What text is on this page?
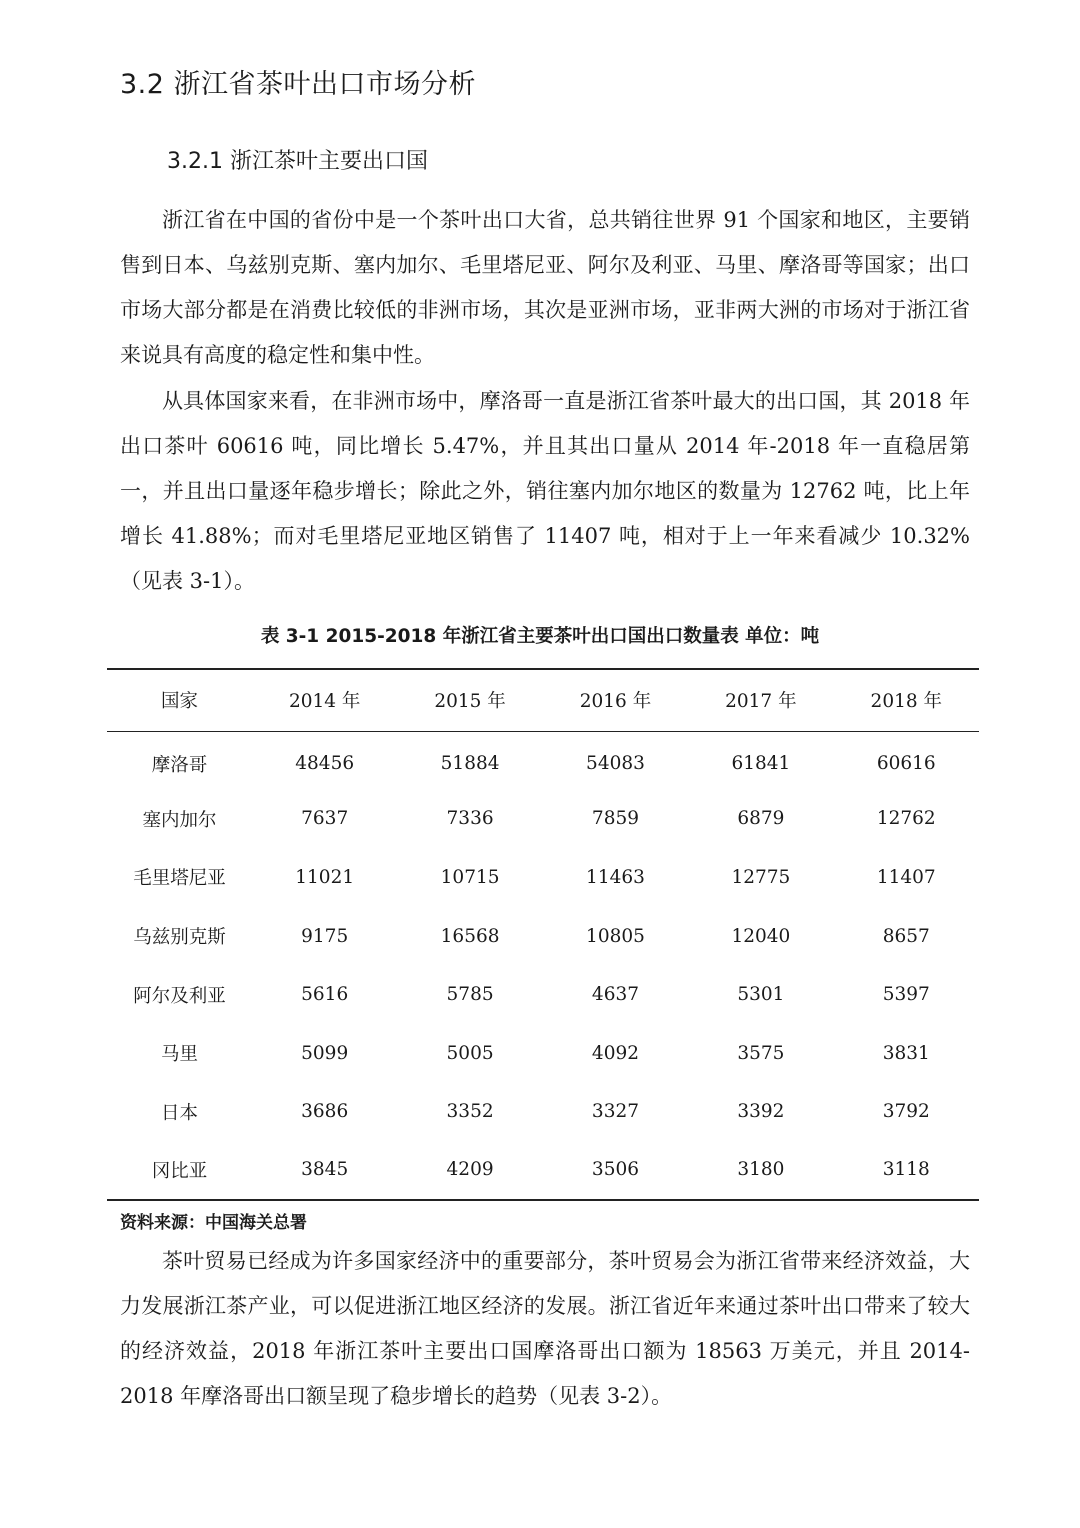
3.2 浙江省茶叶出口市场分析
3.2.1 浙江茶叶主要出口国

浙江省在中国的省份中是一个茶叶出口大省，总共销往世界 91 个国家和地区，主要销售到日本、乌兹别克斯、塞内加尔、毛里塔尼亚、阿尔及利亚、马里、摩洛哥等国家；出口市场大部分都是在消费比较低的非洲市场，其次是亚洲市场，亚非两大洲的市场对于浙江省来说具有高度的稳定性和集中性。

从具体国家来看，在非洲市场中，摩洛哥一直是浙江省茶叶最大的出口国，其 2018 年出口茶叶 60616 吨，同比增长 5.47%，并且其出口量从 2014 年-2018 年一直稳居第一，并且出口量逐年稳步增长；除此之外，销往塞内加尔地区的数量为 12762 吨，比上年增长 41.88%；而对毛里塔尼亚地区销售了 11407 吨，相对于上一年来看减少 10.32%（见表 3-1）。

表 3-1 2015-2018 年浙江省主要茶叶出口国出口数量表 单位：吨
国家	2014 年	2015 年	2016 年	2017 年	2018 年
摩洛哥	48456	51884	54083	61841	60616
塞内加尔	7637	7336	7859	6879	12762
毛里塔尼亚	11021	10715	11463	12775	11407
乌兹别克斯	9175	16568	10805	12040	8657
阿尔及利亚	5616	5785	4637	5301	5397
马里	5099	5005	4092	3575	3831
日本	3686	3352	3327	3392	3792
冈比亚	3845	4209	3506	3180	3118
资料来源：中国海关总署

茶叶贸易已经成为许多国家经济中的重要部分，茶叶贸易会为浙江省带来经济效益，大力发展浙江茶产业，可以促进浙江地区经济的发展。浙江省近年来通过茶叶出口带来了较大的经济效益，2018 年浙江茶叶主要出口国摩洛哥出口额为 18563 万美元，并且 2014-2018 年摩洛哥出口额呈现了稳步增长的趋势（见表 3-2）。
